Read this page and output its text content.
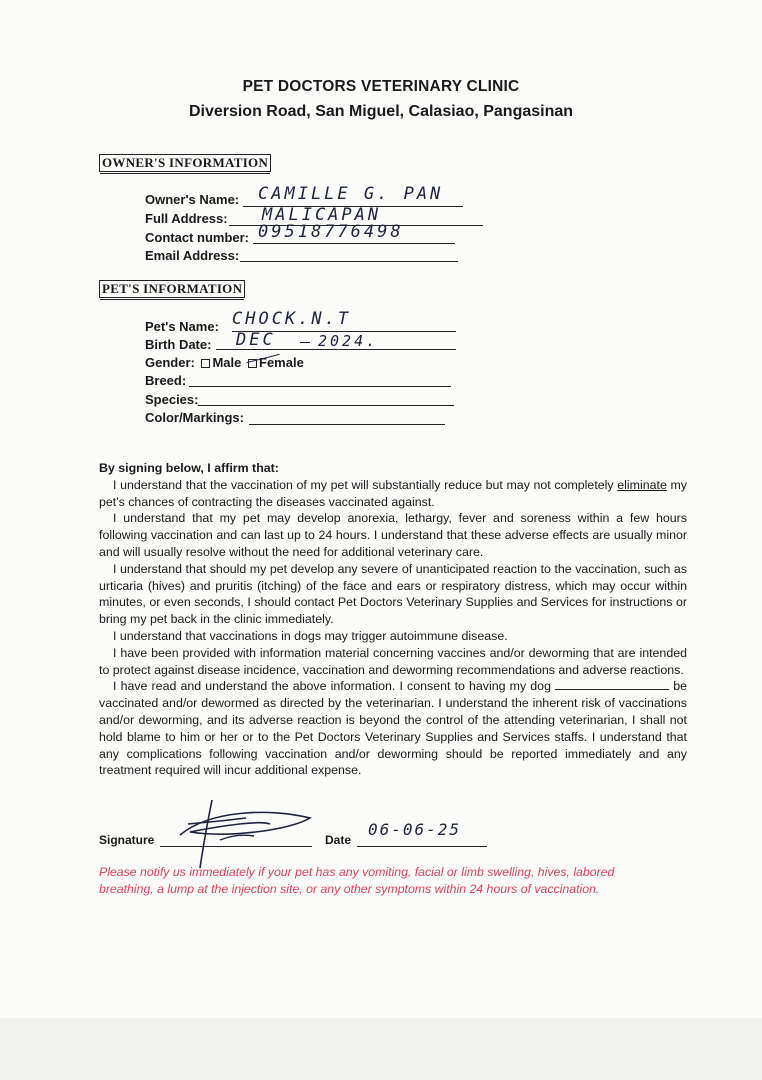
PET DOCTORS VETERINARY CLINIC
Diversion Road, San Miguel, Calasiao, Pangasinan
OWNER'S INFORMATION
Owner's Name: CAMILLE G. PAN
Full Address: MALICAPAN
Contact number: 09518776498
Email Address:
PET'S INFORMATION
Pet's Name: CHOCK.N.T
Birth Date: DEC	2024.
Gender: Male Female
Breed:
Species:
Color/Markings:

By signing below, I affirm that:

I understand that the vaccination of my pet will substantially reduce but may not completely eliminate my pet's chances of contracting the diseases vaccinated against.

I understand that my pet may develop anorexia, lethargy, fever and soreness within a few hours following vaccination and can last up to 24 hours. I understand that these adverse effects are usually minor and will usually resolve without the need for additional veterinary care.

I understand that should my pet develop any severe of unanticipated reaction to the vaccination, such as urticaria (hives) and pruritis (itching) of the face and ears or respiratory distress, which may occur within minutes, or even seconds, I should contact Pet Doctors Veterinary Supplies and Services for instructions or bring my pet back in the clinic immediately.

I understand that vaccinations in dogs may trigger autoimmune disease.

I have been provided with information material concerning vaccines and/or deworming that are intended to protect against disease incidence, vaccination and deworming recommendations and adverse reactions.

I have read and understand the above information. I consent to having my dog	be vaccinated and/or dewormed as directed by the veterinarian. I understand the inherent risk of vaccinations and/or deworming, and its adverse reaction is beyond the control of the attending veterinarian, I shall not hold blame to him or her or to the Pet Doctors Veterinary Supplies and Services staffs. I understand that any complications following vaccination and/or deworming should be reported immediately and any treatment required will incur additional expense.

Signature	Date
06-06-25
Please notify us immediately if your pet has any vomiting, facial or limb swelling, hives, labored breathing, a lump at the injection site, or any other symptoms within 24 hours of vaccination.
